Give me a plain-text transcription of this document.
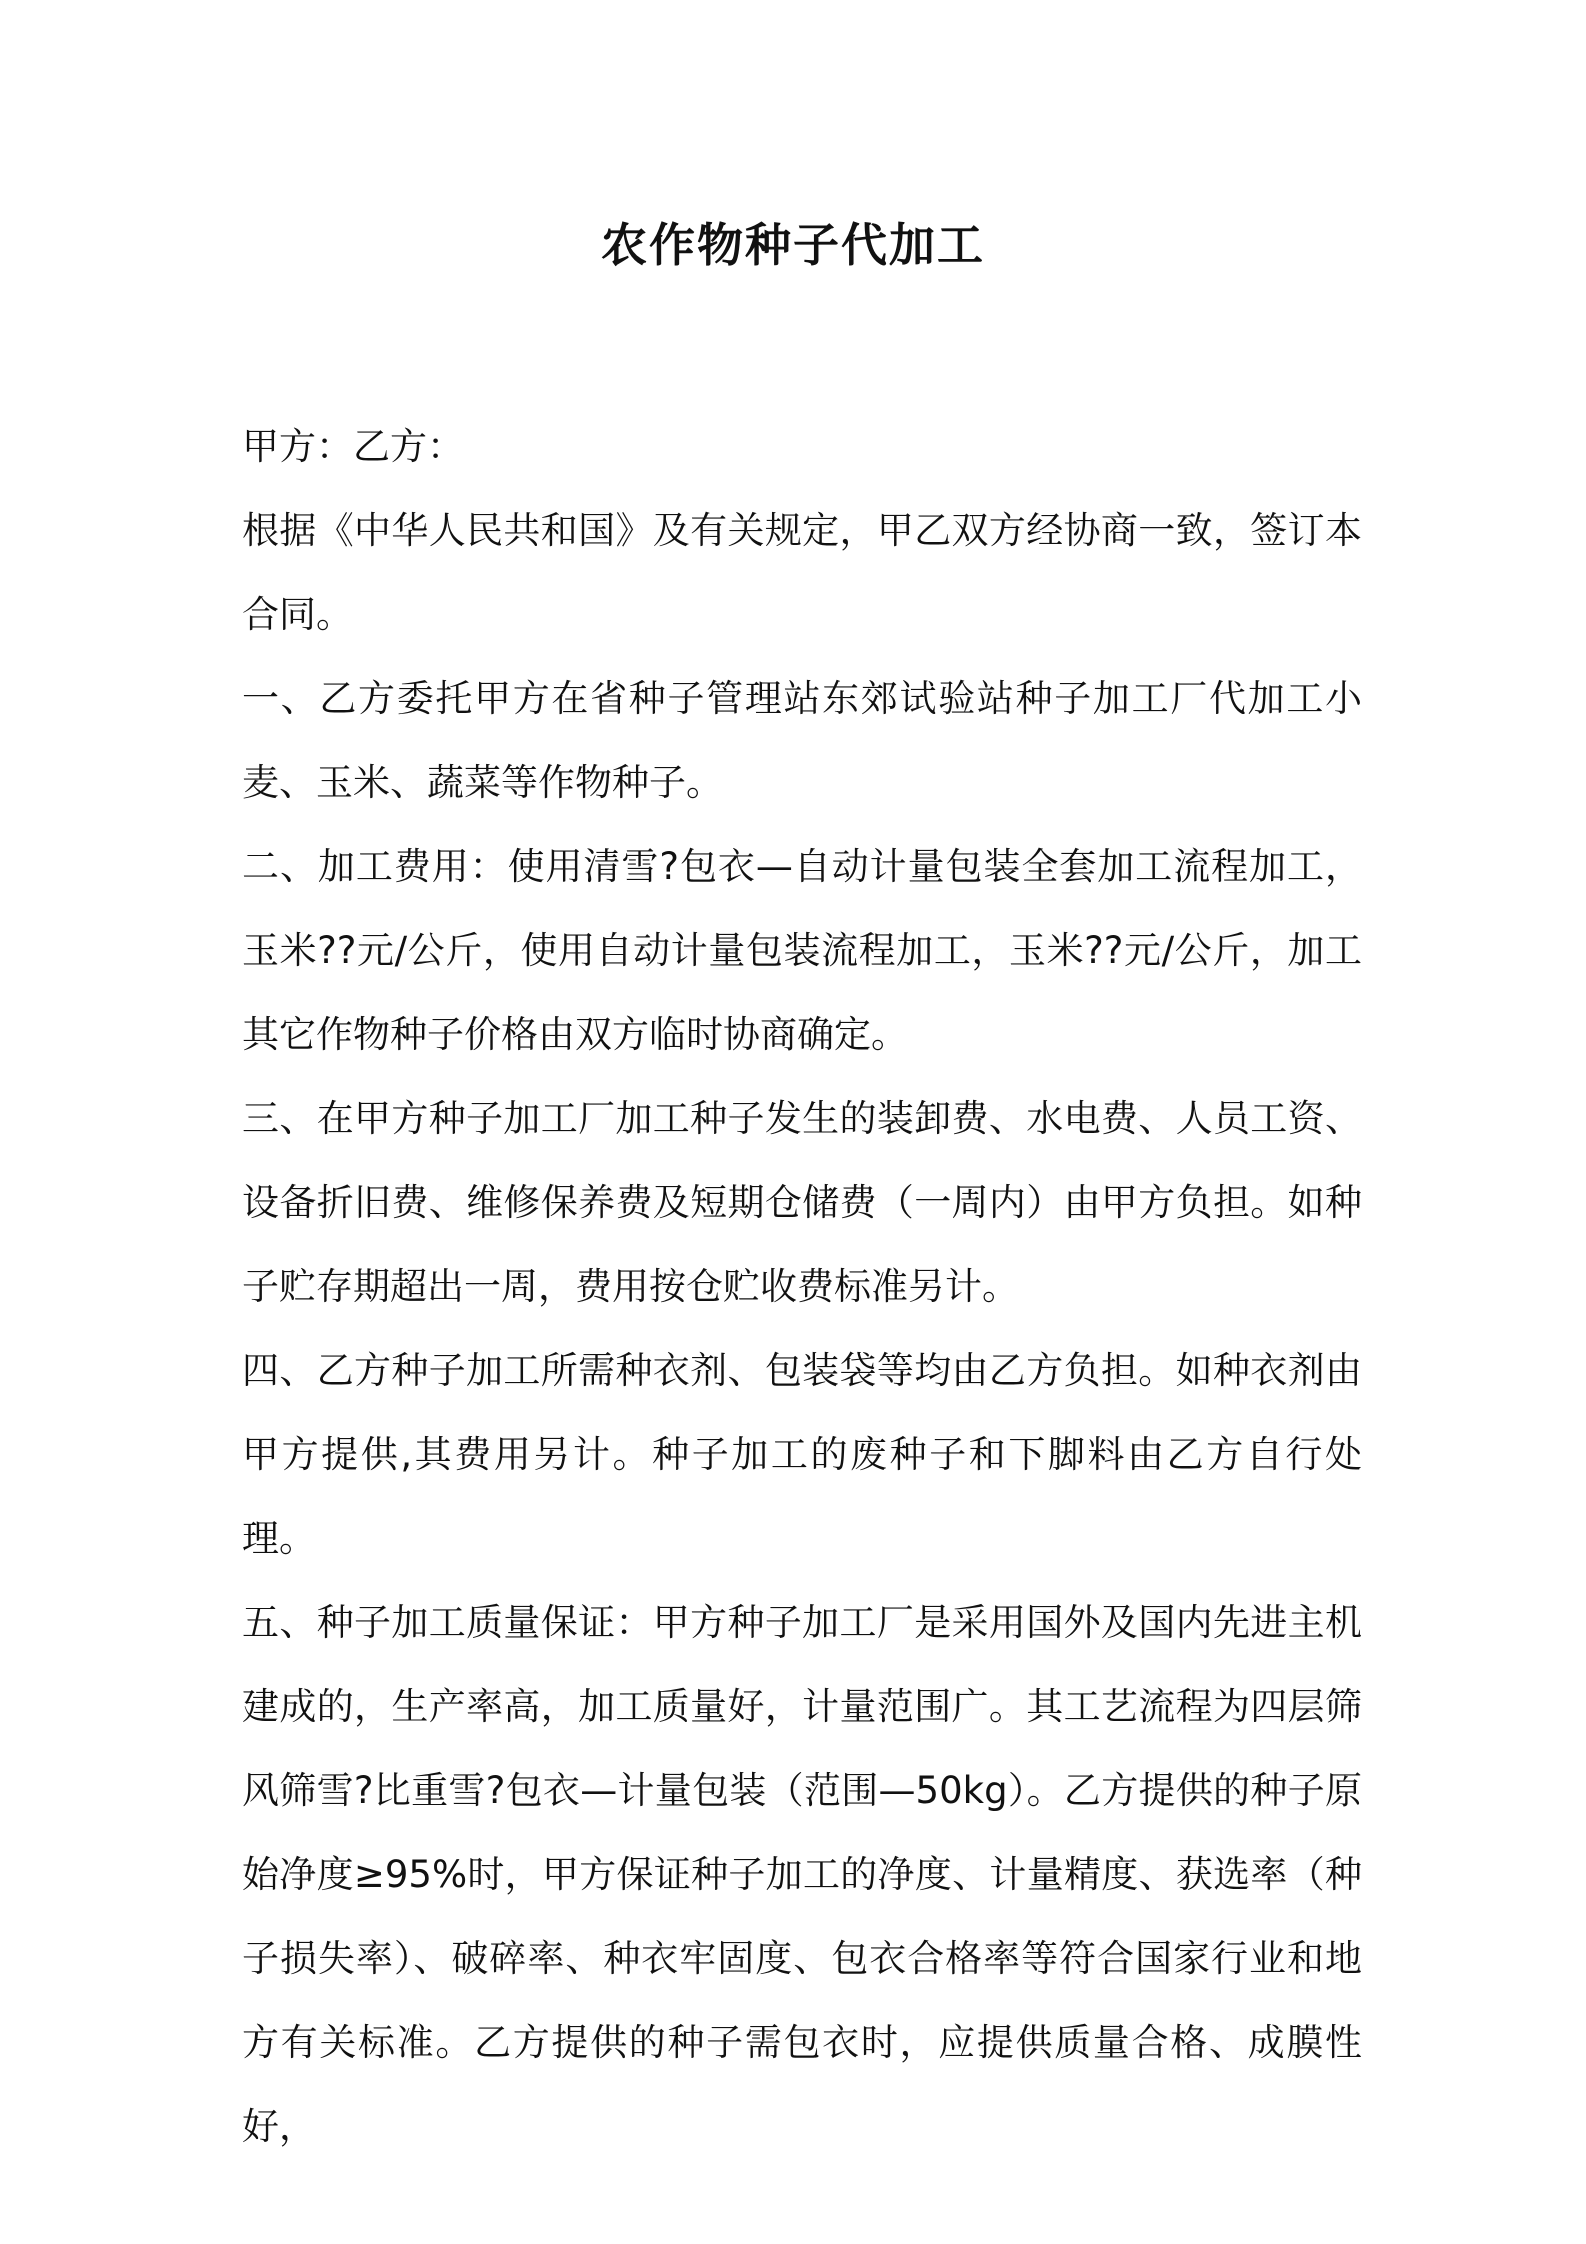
农作物种子代加工

甲方：乙方：

根据《中华人民共和国》及有关规定，甲乙双方经协商一致，签订本合同。

一、乙方委托甲方在省种子管理站东郊试验站种子加工厂代加工小麦、玉米、蔬菜等作物种子。

二、加工费用：使用清雪?包衣—自动计量包装全套加工流程加工，玉米??元/公斤，使用自动计量包装流程加工，玉米??元/公斤，加工其它作物种子价格由双方临时协商确定。

三、在甲方种子加工厂加工种子发生的装卸费、水电费、人员工资、设备折旧费、维修保养费及短期仓储费（一周内）由甲方负担。如种子贮存期超出一周，费用按仓贮收费标准另计。

四、乙方种子加工所需种衣剂、包装袋等均由乙方负担。如种衣剂由甲方提供,其费用另计。种子加工的废种子和下脚料由乙方自行处理。

五、种子加工质量保证：甲方种子加工厂是采用国外及国内先进主机建成的，生产率高，加工质量好，计量范围广。其工艺流程为四层筛风筛雪?比重雪?包衣—计量包装（范围—50kg）。乙方提供的种子原始净度≥95%时，甲方保证种子加工的净度、计量精度、获选率（种子损失率）、破碎率、种衣牢固度、包衣合格率等符合国家行业和地方有关标准。乙方提供的种子需包衣时，应提供质量合格、成膜性好，
